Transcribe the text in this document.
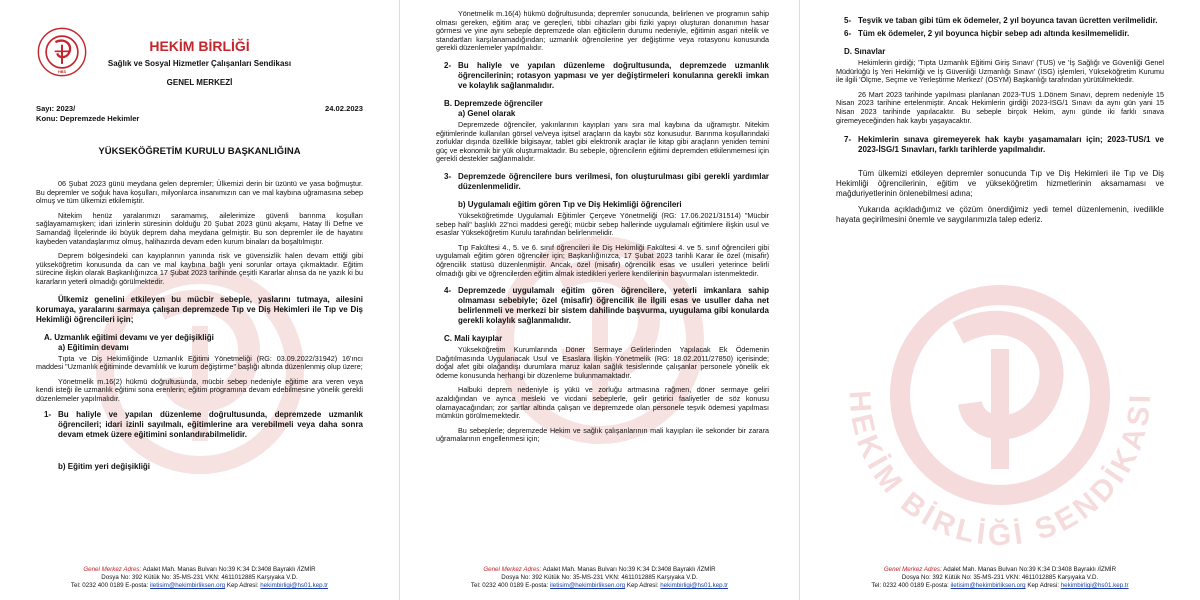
HBS
HEKİM BİRLİĞİ
Sağlık ve Sosyal Hizmetler Çalışanları Sendikası
GENEL MERKEZİ
Sayı: 2023/
Konu: Depremzede Hekimler
24.02.2023
YÜKSEKÖĞRETİM KURULU BAŞKANLIĞINA

06 Şubat 2023 günü meydana gelen depremler; Ülkemizi derin bir üzüntü ve yasa boğmuştur. Bu depremler ve soğuk hava koşulları, milyonlarca insanımızın can ve mal kaybına uğramasına sebep olmuş ve tüm ülkemizi etkilemiştir.

Nitekim henüz yaralarımızı saramamış, ailelerimize güvenli barınma koşulları sağlayamamışken; idari izinlerin süresinin dolduğu 20 Şubat 2023 günü akşamı, Hatay İli Defne ve Samandağ İlçelerinde iki büyük deprem daha meydana gelmiştir. Bu son depremler ile de hayatını kaybeden vatandaşlarımız olmuş, halihazırda devam eden kurum binaları da boşaltılmıştır.

Deprem bölgesindeki can kayıplarının yanında risk ve güvensizlik halen devam ettiği gibi yükseköğretim konusunda da can ve mal kaybına bağlı yeni sorunlar ortaya çıkmaktadır. Eğitim sürecine ilişkin olarak Başkanlığınızca 17 Şubat 2023 tarihinde çeşitli Kararlar alınsa da ne yazık ki bu kararların yeterli olmadığı görülmektedir.

Ülkemiz genelini etkileyen bu mücbir sebeple, yaslarını tutmaya, ailesini korumaya, yaralarını sarmaya çalışan depremzede Tıp ve Diş Hekimleri ile Tıp ve Diş Hekimliği öğrencileri için;

A. Uzmanlık eğitimi devamı ve yer değişikliği
a) Eğitimin devamı

Tıpta ve Diş Hekimliğinde Uzmanlık Eğitimi Yönetmeliği (RG: 03.09.2022/31942) 16'ıncı maddesi "Uzmanlık eğitiminde devamlılık ve kurum değiştirme" başlığı altında düzenlenmiş olup üzere;

Yönetmelik m.16(2) hükmü doğrultusunda, mücbir sebep nedeniyle eğitime ara veren veya kendi isteği ile uzmanlık eğitimi sona erenlerin; eğitim programına devam edebilmesine yönelik gerekli düzenlemeler yapılmalıdır.

1- Bu haliyle ve yapılan düzenleme doğrultusunda, depremzede uzmanlık öğrencileri; idari izinli sayılmalı, eğitimlerine ara verebilmeli veya daha sonra devam etmek üzere eğitimini sonlandırabilmelidir.
b) Eğitim yeri değişikliği
Genel Merkez Adres: Adalet Mah. Manas Bulvarı No:39 K:34 D:3408 Bayraklı /İZMİR
Dosya No: 392 Kütük No: 35-MS-231 VKN: 4611012885 Karşıyaka V.D.
Tel: 0232 400 0189 E-posta: iletisim@hekimbirliksen.org Kep Adresi: hekimbirligi@hs01.kep.tr

Yönetmelik m.16(4) hükmü doğrultusunda; depremler sonucunda, belirlenen ve programın sahip olması gereken, eğitim araç ve gereçleri, tıbbi cihazları gibi fiziki yapıyı oluşturan donanımın hasar görmesi ve yine aynı sebeple depremzede olan eğiticilerin durumu nedeniyle, eğitimin asgari nitelik ve standartları karşılanamadığından; uzmanlık öğrencilerine yer değiştirme veya rotasyonu konusunda gerekli düzenlemeler yapılmalıdır.

2- Bu haliyle ve yapılan düzenleme doğrultusunda, depremzede uzmanlık öğrencilerinin; rotasyon yapması ve yer değiştirmeleri konularına gerekli imkan ve kolaylık sağlanmalıdır.
B. Depremzede öğrenciler
a) Genel olarak

Depremzede öğrenciler, yakınlarının kayıpları yanı sıra mal kaybına da uğramıştır. Nitekim eğitimlerinde kullanılan görsel ve/veya işitsel araçların da kaybı söz konusudur. Barınma koşullarındaki zorluklar dışında özellikle bilgisayar, tablet gibi elektronik araçlar ile kitap gibi araçların yeniden temini güç ve ekonomik bir yük oluşturmaktadır. Bu sebeple, öğrencilerin eğitimi depremden etkilenmemesi için gerekli destekler sağlanmalıdır.

3- Depremzede öğrencilere burs verilmesi, fon oluşturulması gibi gerekli yardımlar düzenlenmelidir.
b) Uygulamalı eğitim gören Tıp ve Diş Hekimliği öğrencileri

Yükseköğretimde Uygulamalı Eğitimler Çerçeve Yönetmeliği (RG: 17.06.2021/31514) "Mücbir sebep hali" başlıklı 22'nci maddesi gereği; mücbir sebep hallerinde uygulamalı eğitimlere ilişkin usul ve esaslar Yükseköğretim Kurulu tarafından belirlenmelidir.

Tıp Fakültesi 4., 5. ve 6. sınıf öğrencileri ile Diş Hekimliği Fakültesi 4. ve 5. sınıf öğrencileri gibi uygulamalı eğitim gören öğrenciler için; Başkanlığınızca, 17 Şubat 2023 tarihli Karar ile özel (misafir) öğrencilik statüsü düzenlenmiştir. Ancak, özel (misafir) öğrencilik esas ve usulleri yeterince belirli olmadığı gibi ve öğrencilerden eğitim almak istedikleri yerlere kendilerinin başvurmaları istenmektedir.

4- Depremzede uygulamalı eğitim gören öğrencilere, yeterli imkanlara sahip olmaması sebebiyle; özel (misafir) öğrencilik ile ilgili esas ve usuller daha net belirlenmeli ve merkezi bir sistem dahilinde başvurma, uyugulama gibi konularda gerekli kolaylık sağlanmalıdır.
C. Mali kayıplar

Yükseköğretim Kurumlarında Döner Sermaye Gelirlerinden Yapılacak Ek Ödemenin Dağıtılmasında Uygulanacak Usul ve Esaslara İlişkin Yönetmelik (RG: 18.02.2011/27850) içerisinde; doğal afet gibi olağandışı durumlara maruz kalan sağlık tesislerinde çalışanlar personele yönelik ek ödeme konusunda herhangi bir düzenleme bulunmamaktadır.

Halbuki deprem nedeniyle iş yükü ve zorluğu artmasına rağmen, döner sermaye geliri azaldığından ve ayrıca mesleki ve vicdani sebeplerle, gelir getirici faaliyetler de söz konusu olamayacağından; zor şartlar altında çalışan ve depremzede olan personele teşvik ödemesi yapılması mümkün görülmemektedir.

Bu sebeplerle; depremzede Hekim ve sağlık çalışanlarının mali kayıpları ile sekonder bir zarara uğramalarının engellenmesi için;

Genel Merkez Adres: Adalet Mah. Manas Bulvarı No:39 K:34 D:3408 Bayraklı /İZMİR
Dosya No: 392 Kütük No: 35-MS-231 VKN: 4611012885 Karşıyaka V.D.
Tel: 0232 400 0189 E-posta: iletisim@hekimbirliksen.org Kep Adresi: hekimbirligi@hs01.kep.tr
HEKİM BİRLİĞİ SENDİKASI
5- Teşvik ve taban gibi tüm ek ödemeler, 2 yıl boyunca tavan ücretten verilmelidir.
6- Tüm ek ödemeler, 2 yıl boyunca hiçbir sebep adı altında kesilmemelidir.
D. Sınavlar

Hekimlerin girdiği; 'Tıpta Uzmanlık Eğitimi Giriş Sınavı' (TUS) ve 'İş Sağlığı ve Güvenliği Genel Müdürlüğü İş Yeri Hekimliği ve İş Güvenliği Uzmanlığı Sınavı' (İSG) işlemleri, Yükseköğretim Kurumu ile ilgili 'Ölçme, Seçme ve Yerleştirme Merkezi' (ÖSYM) Başkanlığı tarafından yürütülmektedir.

26 Mart 2023 tarihinde yapılması planlanan 2023-TUS 1.Dönem Sınavı, deprem nedeniyle 15 Nisan 2023 tarihine ertelenmiştir. Ancak Hekimlerin girdiği 2023-İSG/1 Sınavı da aynı gün yani 15 Nisan 2023 tarihinde yapılacaktır. Bu sebeple birçok Hekim, aynı günde iki farklı sınava giremeyeceğinden hak kaybı yaşayacaktır.

7- Hekimlerin sınava giremeyerek hak kaybı yaşamamaları için; 2023-TUS/1 ve 2023-İSG/1 Sınavları, farklı tarihlerde yapılmalıdır.

Tüm ülkemizi etkileyen depremler sonucunda Tıp ve Diş Hekimleri ile Tıp ve Diş Hekimliği öğrencilerinin, eğitim ve yükseköğretim hizmetlerinin aksamaması ve mağduriyetlerinin önlenebilmesi adına;

Yukarıda açıkladığımız ve çözüm önerdiğimiz yedi temel düzenlemenin, ivedilikle hayata geçirilmesini önemle ve saygılarımızla talep ederiz.

Genel Merkez Adres: Adalet Mah. Manas Bulvarı No:39 K:34 D:3408 Bayraklı /İZMİR
Dosya No: 392 Kütük No: 35-MS-231 VKN: 4611012885 Karşıyaka V.D.
Tel: 0232 400 0189 E-posta: iletisim@hekimbirliksen.org Kep Adresi: hekimbirligi@hs01.kep.tr
